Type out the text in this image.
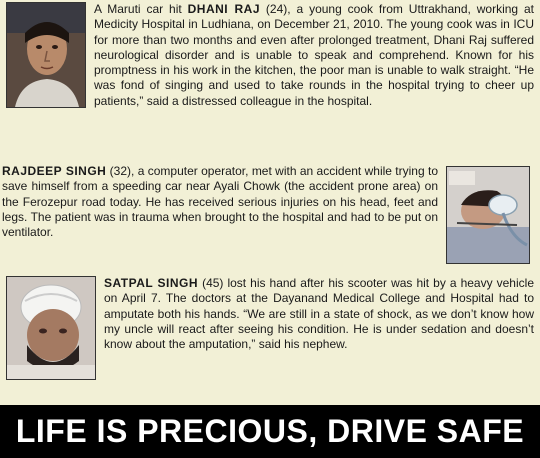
A Maruti car hit DHANI RAJ (24), a young cook from Uttrakhand, working at Medicity Hospital in Ludhiana, on December 21, 2010. The young cook was in ICU for more than two months and even after prolonged treatment, Dhani Raj suffered neurological disorder and is unable to speak and comprehend. Known for his promptness in his work in the kitchen, the poor man is unable to walk straight. “He was fond of singing and used to take rounds in the hospital trying to cheer up patients,” said a distressed colleague in the hospital.

RAJDEEP SINGH (32), a computer operator, met with an accident while trying to save himself from a speeding car near Ayali Chowk (the accident prone area) on the Ferozepur road today. He has received serious injuries on his head, feet and legs. The patient was in trauma when brought to the hospital and had to be put on ventilator.

SATPAL SINGH (45) lost his hand after his scooter was hit by a heavy vehicle on April 7. The doctors at the Dayanand Medical College and Hospital had to amputate both his hands. “We are still in a state of shock, as we don’t know how my uncle will react after seeing his condition. He is under sedation and doesn’t know about the amputation,” said his nephew.

LIFE IS PRECIOUS, DRIVE SAFE
